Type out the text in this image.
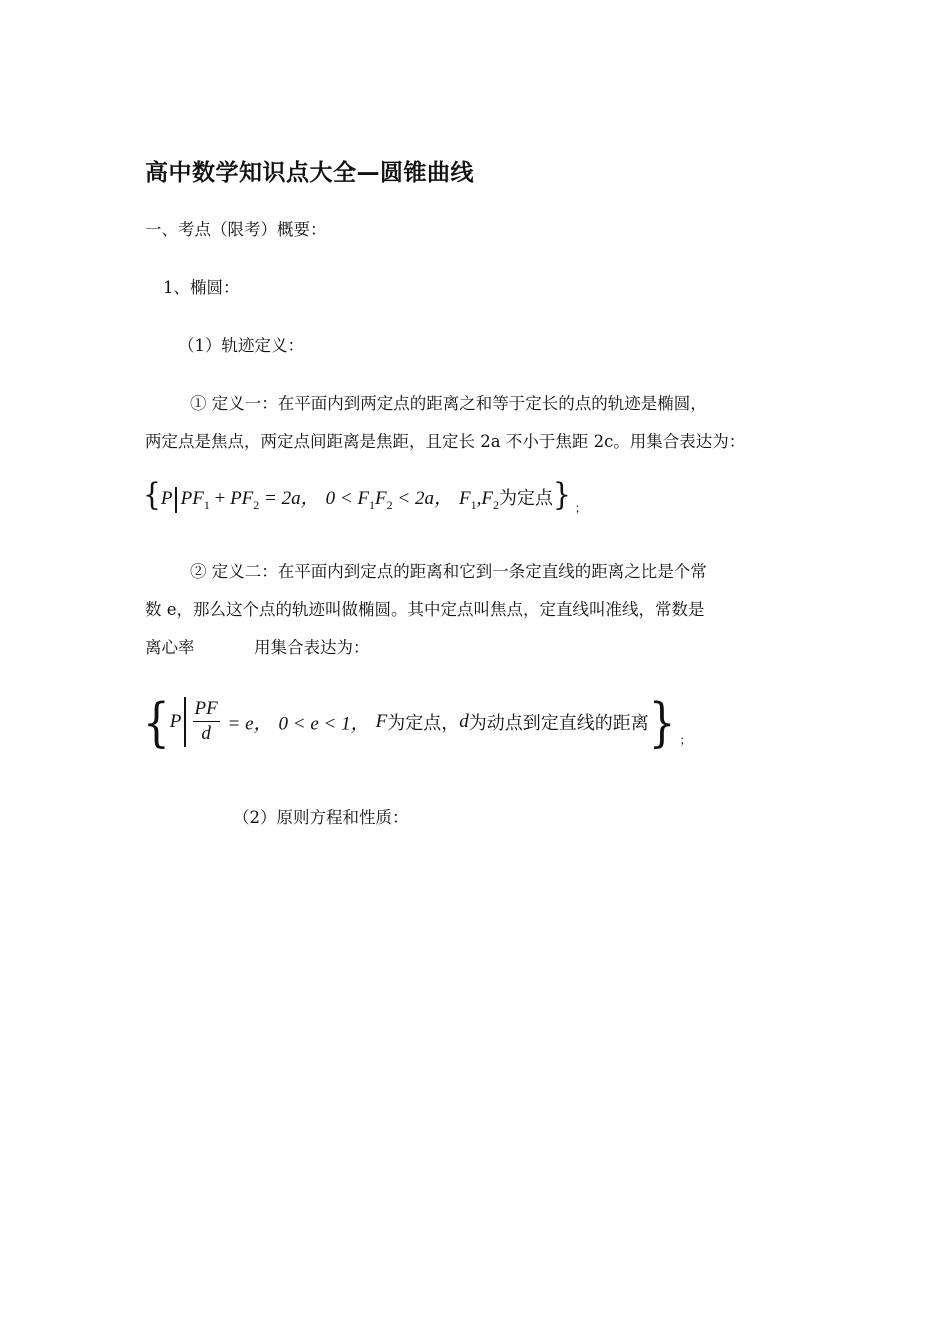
高中数学知识点大全—圆锥曲线
一、考点（限考）概要：
1、椭圆：
（1）轨迹定义：
① 定义一：在平面内到两定点的距离之和等于定长的点的轨迹是椭圆，
两定点是焦点，两定点间距离是焦距，且定长 2a 不小于焦距 2c。用集合表达为：
{P $PF_1 + PF_2 = 2a$， $0 < F_1F_2 < 2a$， $F_1,F_2$为定点} $_;$
② 定义二：在平面内到定点的距离和它到一条定直线的距离之比是个常
数 e，那么这个点的轨迹叫做椭圆。其中定点叫焦点，定直线叫准线，常数是
离心率	用集合表达为：
{$P \frac{PF}{d} = e$， 0 < e < 1， F为定点，d为动点到定直线的距离} $_;$
（2）原则方程和性质：
